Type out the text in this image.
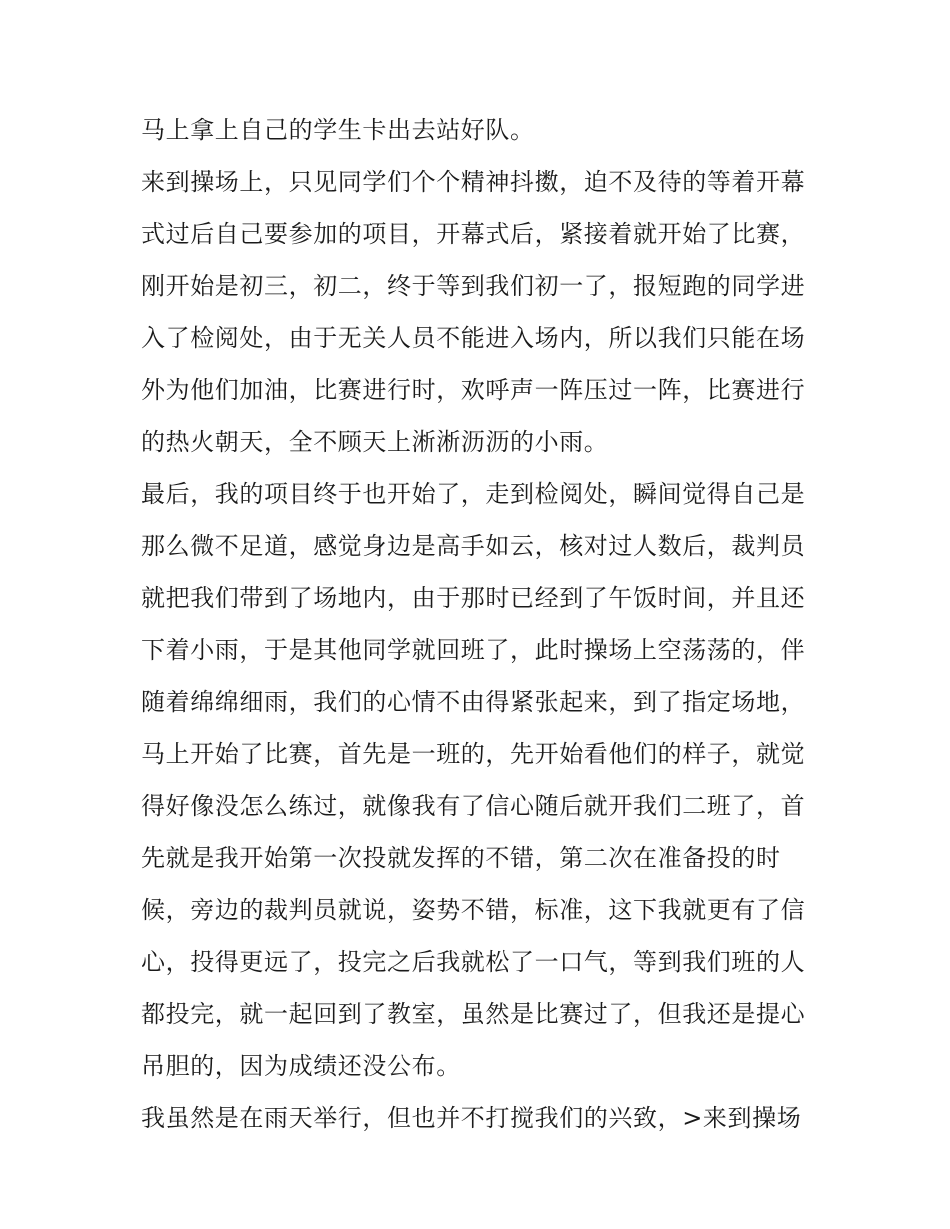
马上拿上自己的学生卡出去站好队。
来到操场上，只见同学们个个精神抖擞，迫不及待的等着开幕
式过后自己要参加的项目，开幕式后，紧接着就开始了比赛，
刚开始是初三，初二，终于等到我们初一了，报短跑的同学进
入了检阅处，由于无关人员不能进入场内，所以我们只能在场
外为他们加油，比赛进行时，欢呼声一阵压过一阵，比赛进行
的热火朝天，全不顾天上淅淅沥沥的小雨。
最后，我的项目终于也开始了，走到检阅处，瞬间觉得自己是
那么微不足道，感觉身边是高手如云，核对过人数后，裁判员
就把我们带到了场地内，由于那时已经到了午饭时间，并且还
下着小雨，于是其他同学就回班了，此时操场上空荡荡的，伴
随着绵绵细雨，我们的心情不由得紧张起来，到了指定场地，
马上开始了比赛，首先是一班的，先开始看他们的样子，就觉
得好像没怎么练过，就像我有了信心随后就开我们二班了，首
先就是我开始第一次投就发挥的不错，第二次在准备投的时
候，旁边的裁判员就说，姿势不错，标准，这下我就更有了信
心，投得更远了，投完之后我就松了一口气，等到我们班的人
都投完，就一起回到了教室，虽然是比赛过了，但我还是提心
吊胆的，因为成绩还没公布。
我虽然是在雨天举行，但也并不打搅我们的兴致，>来到操场
